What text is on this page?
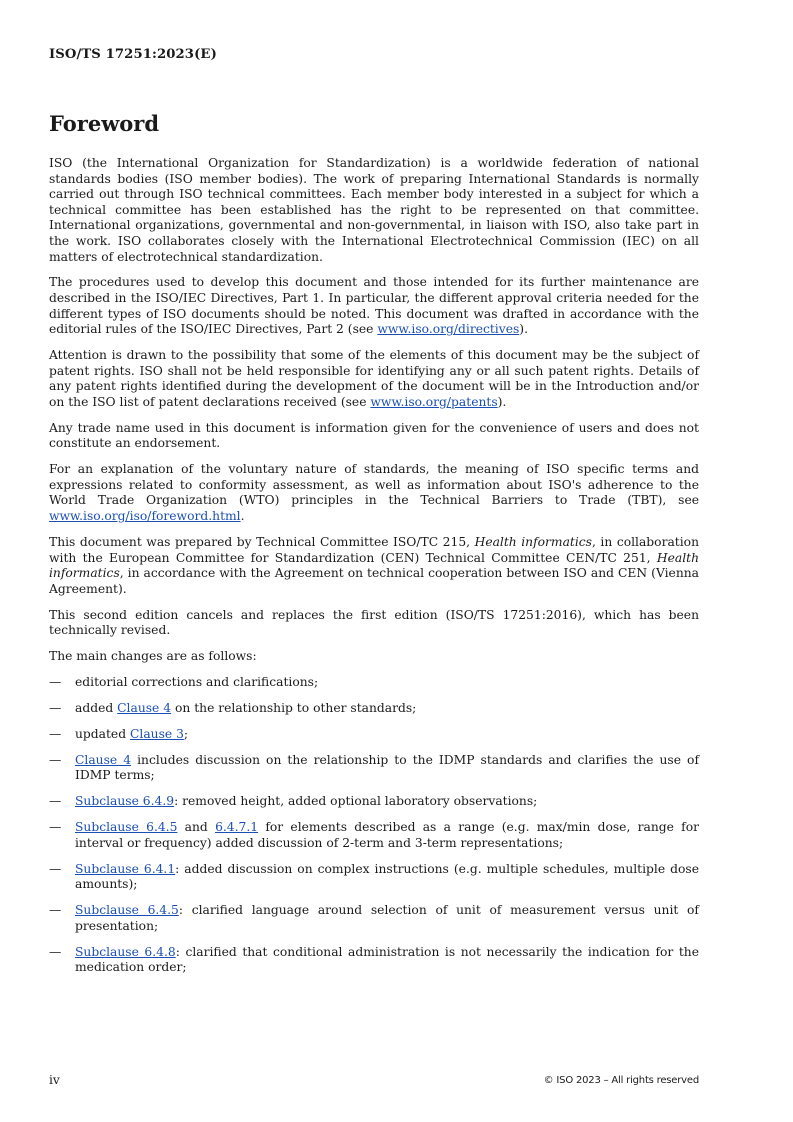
ISO/TS 17251:2023(E)
Foreword

ISO (the International Organization for Standardization) is a worldwide federation of national standards bodies (ISO member bodies). The work of preparing International Standards is normally carried out through ISO technical committees. Each member body interested in a subject for which a technical committee has been established has the right to be represented on that committee. International organizations, governmental and non-governmental, in liaison with ISO, also take part in the work. ISO collaborates closely with the International Electrotechnical Commission (IEC) on all matters of electrotechnical standardization.

The procedures used to develop this document and those intended for its further maintenance are described in the ISO/IEC Directives, Part 1. In particular, the different approval criteria needed for the different types of ISO documents should be noted. This document was drafted in accordance with the editorial rules of the ISO/IEC Directives, Part 2 (see www.iso.org/directives).

Attention is drawn to the possibility that some of the elements of this document may be the subject of patent rights. ISO shall not be held responsible for identifying any or all such patent rights. Details of any patent rights identified during the development of the document will be in the Introduction and/or on the ISO list of patent declarations received (see www.iso.org/patents).

Any trade name used in this document is information given for the convenience of users and does not constitute an endorsement.

For an explanation of the voluntary nature of standards, the meaning of ISO specific terms and expressions related to conformity assessment, as well as information about ISO's adherence to the World Trade Organization (WTO) principles in the Technical Barriers to Trade (TBT), see www.iso.org/iso/foreword.html.

This document was prepared by Technical Committee ISO/TC 215, Health informatics, in collaboration with the European Committee for Standardization (CEN) Technical Committee CEN/TC 251, Health informatics, in accordance with the Agreement on technical cooperation between ISO and CEN (Vienna Agreement).

This second edition cancels and replaces the first edition (ISO/TS 17251:2016), which has been technically revised.

The main changes are as follows:

— editorial corrections and clarifications;
— added Clause 4 on the relationship to other standards;
— updated Clause 3;
— Clause 4 includes discussion on the relationship to the IDMP standards and clarifies the use of IDMP terms;
— Subclause 6.4.9: removed height, added optional laboratory observations;
— Subclause 6.4.5 and 6.4.7.1 for elements described as a range (e.g. max/min dose, range for interval or frequency) added discussion of 2-term and 3-term representations;
— Subclause 6.4.1: added discussion on complex instructions (e.g. multiple schedules, multiple dose amounts);
— Subclause 6.4.5: clarified language around selection of unit of measurement versus unit of presentation;
— Subclause 6.4.8: clarified that conditional administration is not necessarily the indication for the medication order;
iv	© ISO 2023 – All rights reserved
